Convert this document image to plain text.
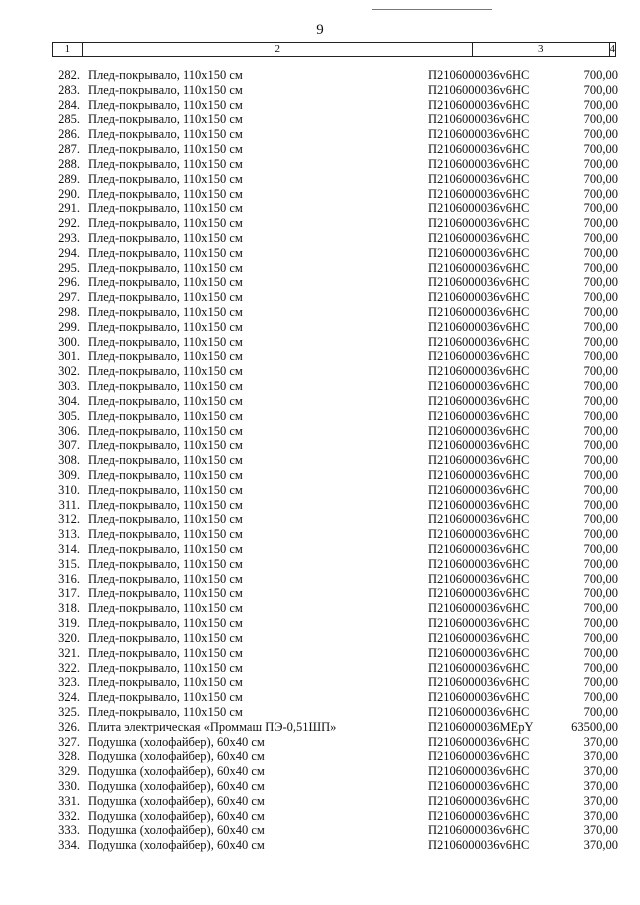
9
1	2	3	4
282. Плед-покрывало, 110х150 см	П2106000036v6НС	700,00
283. Плед-покрывало, 110х150 см	П2106000036v6НС	700,00
284. Плед-покрывало, 110х150 см	П2106000036v6НС	700,00
285. Плед-покрывало, 110х150 см	П2106000036v6НС	700,00
286. Плед-покрывало, 110х150 см	П2106000036v6НС	700,00
287. Плед-покрывало, 110х150 см	П2106000036v6НС	700,00
288. Плед-покрывало, 110х150 см	П2106000036v6НС	700,00
289. Плед-покрывало, 110х150 см	П2106000036v6НС	700,00
290. Плед-покрывало, 110х150 см	П2106000036v6НС	700,00
291. Плед-покрывало, 110х150 см	П2106000036v6НС	700,00
292. Плед-покрывало, 110х150 см	П2106000036v6НС	700,00
293. Плед-покрывало, 110х150 см	П2106000036v6НС	700,00
294. Плед-покрывало, 110х150 см	П2106000036v6НС	700,00
295. Плед-покрывало, 110х150 см	П2106000036v6НС	700,00
296. Плед-покрывало, 110х150 см	П2106000036v6НС	700,00
297. Плед-покрывало, 110х150 см	П2106000036v6НС	700,00
298. Плед-покрывало, 110х150 см	П2106000036v6НС	700,00
299. Плед-покрывало, 110х150 см	П2106000036v6НС	700,00
300. Плед-покрывало, 110х150 см	П2106000036v6НС	700,00
301. Плед-покрывало, 110х150 см	П2106000036v6НС	700,00
302. Плед-покрывало, 110х150 см	П2106000036v6НС	700,00
303. Плед-покрывало, 110х150 см	П2106000036v6НС	700,00
304. Плед-покрывало, 110х150 см	П2106000036v6НС	700,00
305. Плед-покрывало, 110х150 см	П2106000036v6НС	700,00
306. Плед-покрывало, 110х150 см	П2106000036v6НС	700,00
307. Плед-покрывало, 110х150 см	П2106000036v6НС	700,00
308. Плед-покрывало, 110х150 см	П2106000036v6НС	700,00
309. Плед-покрывало, 110х150 см	П2106000036v6НС	700,00
310. Плед-покрывало, 110х150 см	П2106000036v6НС	700,00
311. Плед-покрывало, 110х150 см	П2106000036v6НС	700,00
312. Плед-покрывало, 110х150 см	П2106000036v6НС	700,00
313. Плед-покрывало, 110х150 см	П2106000036v6НС	700,00
314. Плед-покрывало, 110х150 см	П2106000036v6НС	700,00
315. Плед-покрывало, 110х150 см	П2106000036v6НС	700,00
316. Плед-покрывало, 110х150 см	П2106000036v6НС	700,00
317. Плед-покрывало, 110х150 см	П2106000036v6НС	700,00
318. Плед-покрывало, 110х150 см	П2106000036v6НС	700,00
319. Плед-покрывало, 110х150 см	П2106000036v6НС	700,00
320. Плед-покрывало, 110х150 см	П2106000036v6НС	700,00
321. Плед-покрывало, 110х150 см	П2106000036v6НС	700,00
322. Плед-покрывало, 110х150 см	П2106000036v6НС	700,00
323. Плед-покрывало, 110х150 см	П2106000036v6НС	700,00
324. Плед-покрывало, 110х150 см	П2106000036v6НС	700,00
325. Плед-покрывало, 110х150 см	П2106000036v6НС	700,00
326. Плита электрическая «Проммаш ПЭ-0,51ШП»	П2106000036МЕрY	63500,00
327. Подушка (холофайбер), 60х40 см	П2106000036v6НС	370,00
328. Подушка (холофайбер), 60х40 см	П2106000036v6НС	370,00
329. Подушка (холофайбер), 60х40 см	П2106000036v6НС	370,00
330. Подушка (холофайбер), 60х40 см	П2106000036v6НС	370,00
331. Подушка (холофайбер), 60х40 см	П2106000036v6НС	370,00
332. Подушка (холофайбер), 60х40 см	П2106000036v6НС	370,00
333. Подушка (холофайбер), 60х40 см	П2106000036v6НС	370,00
334. Подушка (холофайбер), 60х40 см	П2106000036v6НС	370,00
